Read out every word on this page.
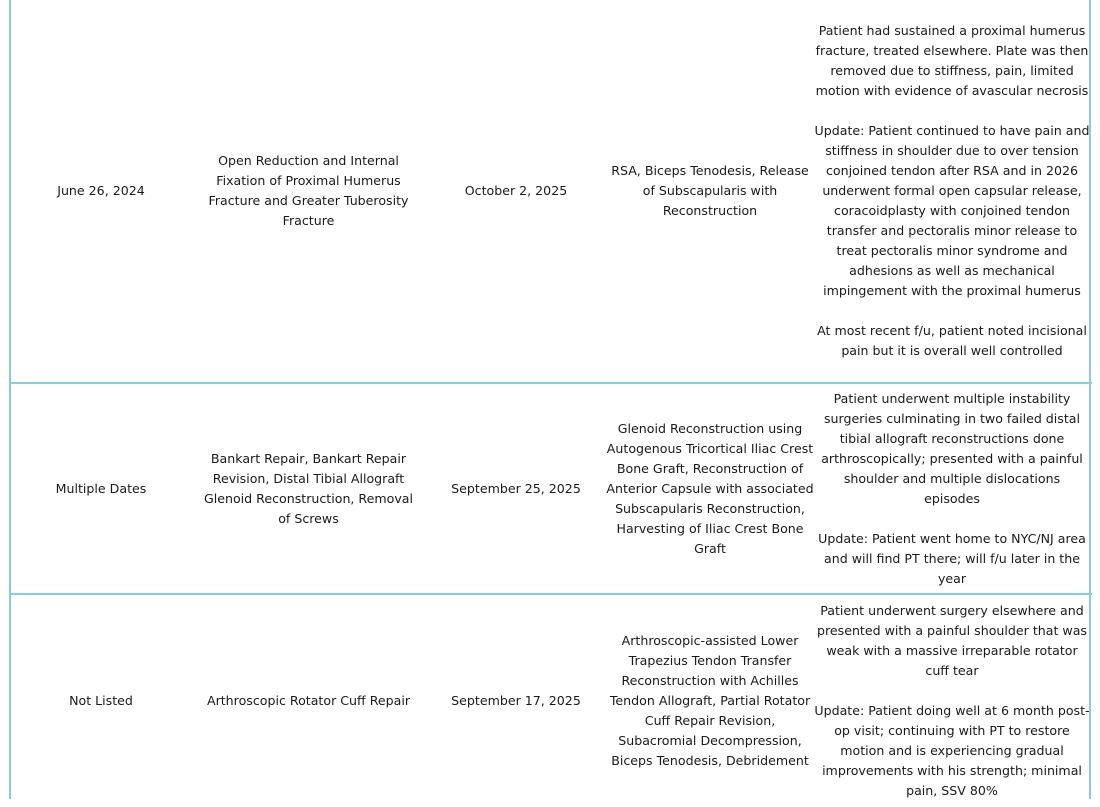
June 26, 2024
Open Reduction and Internal Fixation of Proximal Humerus Fracture and Greater Tuberosity Fracture
October 2, 2025
RSA, Biceps Tenodesis, Release of Subscapularis with Reconstruction

Patient had sustained a proximal humerus fracture, treated elsewhere. Plate was then removed due to stiffness, pain, limited motion with evidence of avascular necrosis

Update: Patient continued to have pain and stiffness in shoulder due to over tension conjoined tendon after RSA and in 2026 underwent formal open capsular release, coracoidplasty with conjoined tendon transfer and pectoralis minor release to treat pectoralis minor syndrome and adhesions as well as mechanical impingement with the proximal humerus

At most recent f/u, patient noted incisional pain but it is overall well controlled

Multiple Dates
Bankart Repair, Bankart Repair Revision, Distal Tibial Allograft Glenoid Reconstruction, Removal of Screws
September 25, 2025
Glenoid Reconstruction using Autogenous Tricortical Iliac Crest Bone Graft, Reconstruction of Anterior Capsule with associated Subscapularis Reconstruction, Harvesting of Iliac Crest Bone Graft

Patient underwent multiple instability surgeries culminating in two failed distal tibial allograft reconstructions done arthroscopically; presented with a painful shoulder and multiple dislocations episodes

Update: Patient went home to NYC/NJ area and will find PT there; will f/u later in the year

Not Listed	Arthroscopic Rotator Cuff Repair	September 17, 2025
Arthroscopic-assisted Lower Trapezius Tendon Transfer Reconstruction with Achilles Tendon Allograft, Partial Rotator Cuff Repair Revision, Subacromial Decompression, Biceps Tenodesis, Debridement

Patient underwent surgery elsewhere and presented with a painful shoulder that was weak with a massive irreparable rotator cuff tear

Update: Patient doing well at 6 month post-op visit; continuing with PT to restore motion and is experiencing gradual improvements with his strength; minimal pain, SSV 80%
